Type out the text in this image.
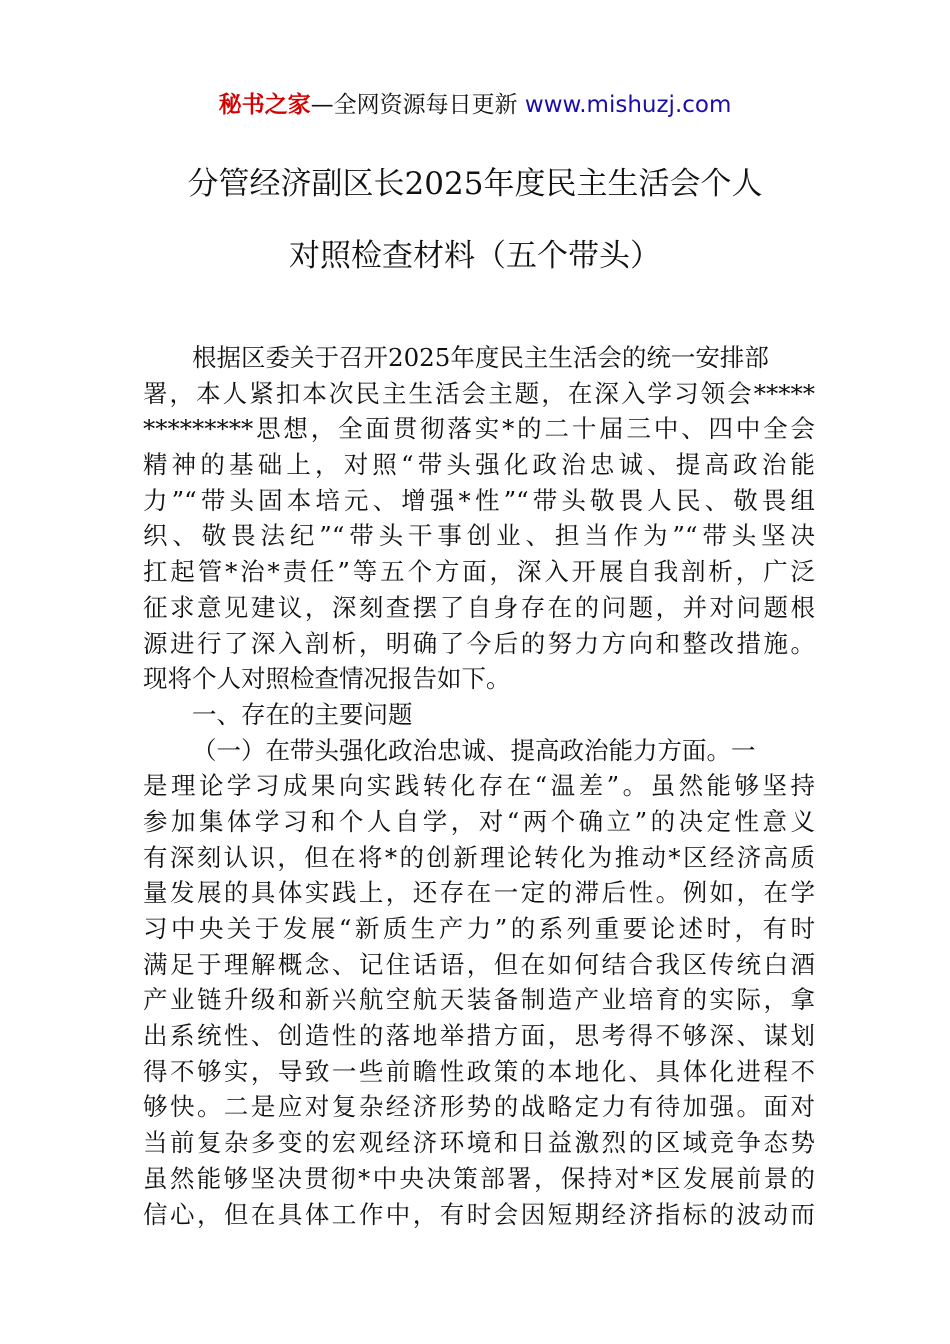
秘书之家—全网资源每日更新 www.mishuzj.com
分管经济副区长2025年度民主生活会个人
对照检查材料（五个带头）
根据区委关于召开2025年度民主生活会的统一安排部
署，本人紧扣本次民主生活会主题，在深入学习领会*****
*********思想，全面贯彻落实*的二十届三中、四中全会
精神的基础上，对照“带头强化政治忠诚、提高政治能
力”“带头固本培元、增强*性”“带头敬畏人民、敬畏组
织、敬畏法纪”“带头干事创业、担当作为”“带头坚决
扛起管*治*责任”等五个方面，深入开展自我剖析，广泛
征求意见建议，深刻查摆了自身存在的问题，并对问题根
源进行了深入剖析，明确了今后的努力方向和整改措施。
现将个人对照检查情况报告如下。
一、存在的主要问题
（一）在带头强化政治忠诚、提高政治能力方面。一
是理论学习成果向实践转化存在“温差”。虽然能够坚持
参加集体学习和个人自学，对“两个确立”的决定性意义
有深刻认识，但在将*的创新理论转化为推动*区经济高质
量发展的具体实践上，还存在一定的滞后性。例如，在学
习中央关于发展“新质生产力”的系列重要论述时，有时
满足于理解概念、记住话语，但在如何结合我区传统白酒
产业链升级和新兴航空航天装备制造产业培育的实际，拿
出系统性、创造性的落地举措方面，思考得不够深、谋划
得不够实，导致一些前瞻性政策的本地化、具体化进程不
够快。二是应对复杂经济形势的战略定力有待加强。面对
当前复杂多变的宏观经济环境和日益激烈的区域竞争态势
虽然能够坚决贯彻*中央决策部署，保持对*区发展前景的
信心，但在具体工作中，有时会因短期经济指标的波动而
